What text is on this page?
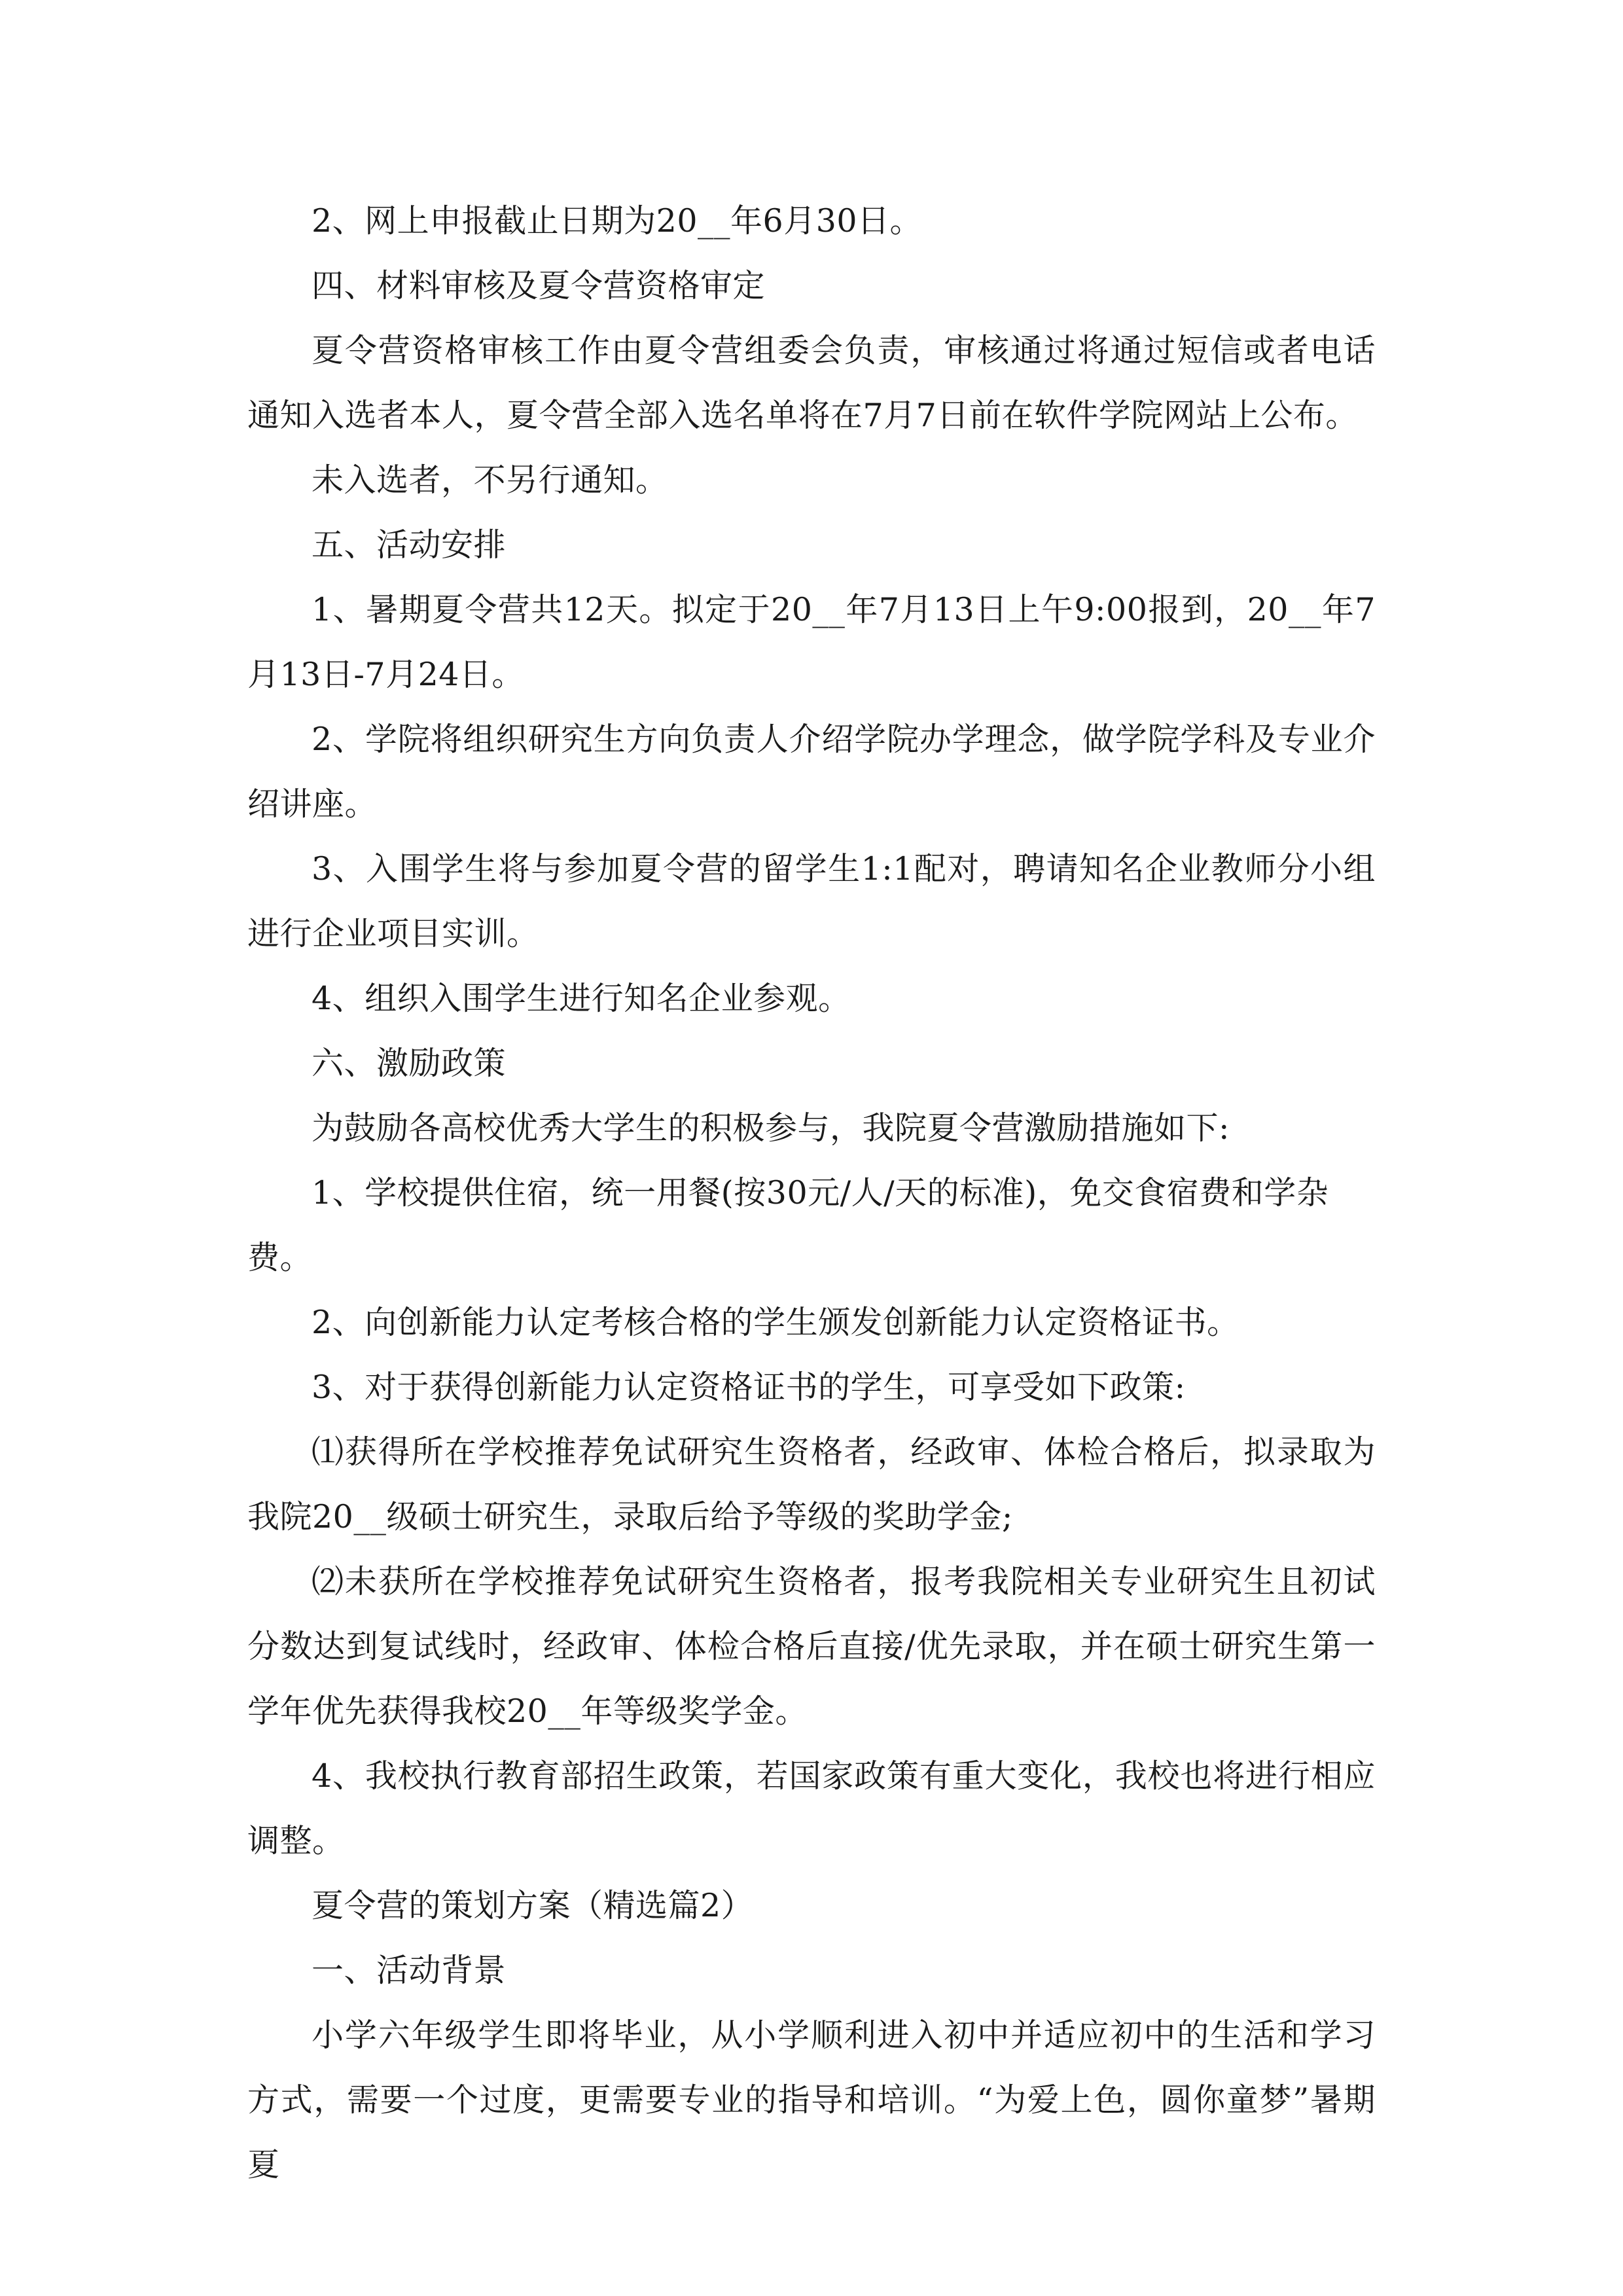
2、网上申报截止日期为20__年6月30日。

四、材料审核及夏令营资格审定

夏令营资格审核工作由夏令营组委会负责，审核通过将通过短信或者电话通知入选者本人，夏令营全部入选名单将在7月7日前在软件学院网站上公布。

未入选者，不另行通知。

五、活动安排

1、暑期夏令营共12天。拟定于20__年7月13日上午9:00报到，20__年7月13日-7月24日。

2、学院将组织研究生方向负责人介绍学院办学理念，做学院学科及专业介绍讲座。

3、入围学生将与参加夏令营的留学生1:1配对，聘请知名企业教师分小组进行企业项目实训。

4、组织入围学生进行知名企业参观。

六、激励政策

为鼓励各高校优秀大学生的积极参与，我院夏令营激励措施如下:

1、学校提供住宿，统一用餐(按30元/人/天的标准)，免交食宿费和学杂费。

2、向创新能力认定考核合格的学生颁发创新能力认定资格证书。

3、对于获得创新能力认定资格证书的学生，可享受如下政策:

⑴获得所在学校推荐免试研究生资格者，经政审、体检合格后，拟录取为我院20__级硕士研究生，录取后给予等级的奖助学金;

⑵未获所在学校推荐免试研究生资格者，报考我院相关专业研究生且初试分数达到复试线时，经政审、体检合格后直接/优先录取，并在硕士研究生第一学年优先获得我校20__年等级奖学金。

4、我校执行教育部招生政策，若国家政策有重大变化，我校也将进行相应调整。

夏令营的策划方案（精选篇2）

一、活动背景

小学六年级学生即将毕业，从小学顺利进入初中并适应初中的生活和学习方式，需要一个过度，更需要专业的指导和培训。“为爱上色，圆你童梦”暑期夏
